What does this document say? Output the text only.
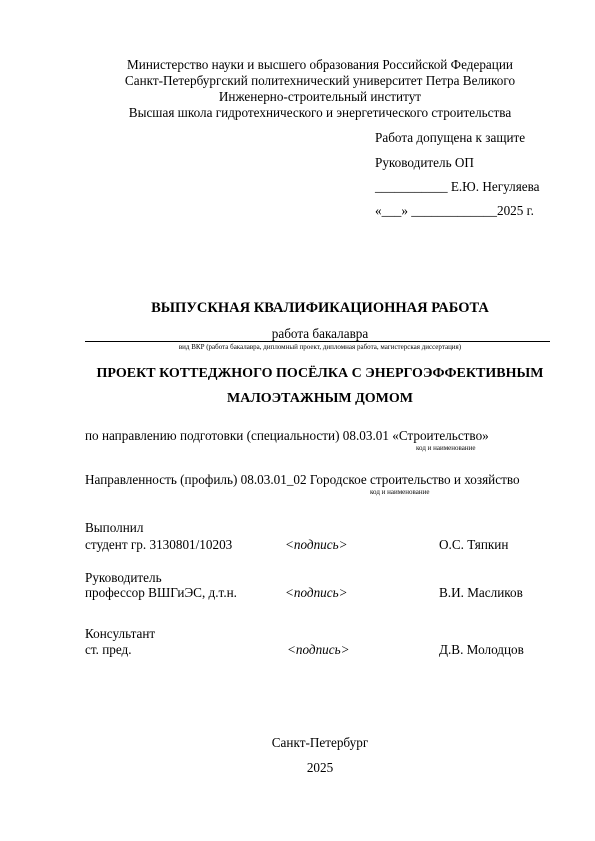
Министерство науки и высшего образования Российской Федерации
Санкт-Петербургский политехнический университет Петра Великого
Инженерно-строительный институт
Высшая школа гидротехнического и энергетического строительства
Работа допущена к защите
Руководитель ОП
___________ Е.Ю. Негуляева
«___» _____________2025 г.
ВЫПУСКНАЯ КВАЛИФИКАЦИОННАЯ РАБОТА
работа бакалавра
вид ВКР (работа бакалавра, дипломный проект, дипломная работа, магистерская диссертация)
ПРОЕКТ КОТТЕДЖНОГО ПОСЁЛКА С ЭНЕРГОЭФФЕКТИВНЫМ
МАЛОЭТАЖНЫМ ДОМОМ
по направлению подготовки (специальности) 08.03.01 «Строительство»
код и наименование
Направленность (профиль) 08.03.01_02 Городское строительство и хозяйство
код и наименование
Выполнил
студент гр. 3130801/10203	<подпись>	О.С. Тяпкин
Руководитель
профессор ВШГиЭС, д.т.н.	<подпись>	В.И. Масликов
Консультант
ст. пред.	<подпись>	Д.В. Молодцов
Санкт-Петербург
2025
